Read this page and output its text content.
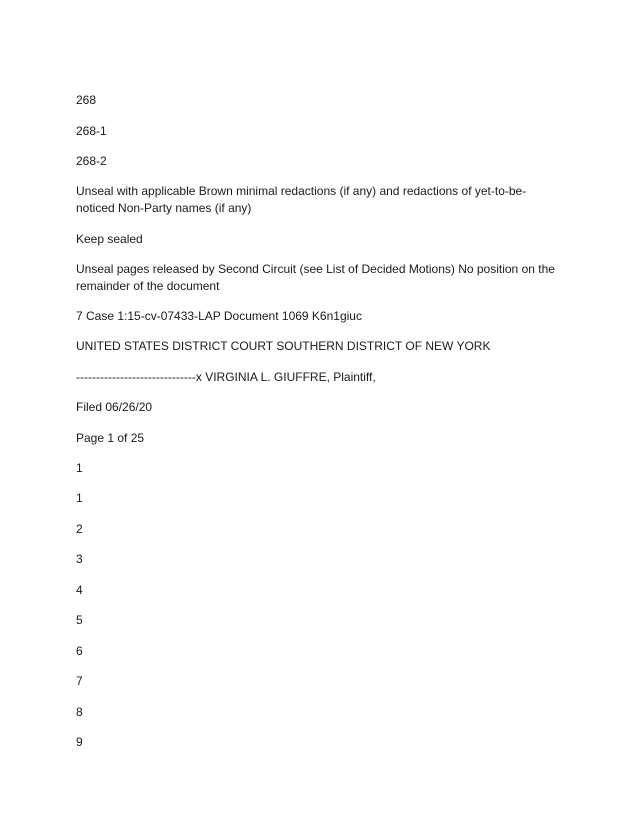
268
268-1
268-2
Unseal with applicable Brown minimal redactions (if any) and redactions of yet-to-be-noticed Non-Party names (if any)
Keep sealed
Unseal pages released by Second Circuit (see List of Decided Motions) No position on the remainder of the document
7 Case 1:15-cv-07433-LAP Document 1069 K6n1giuc
UNITED STATES DISTRICT COURT SOUTHERN DISTRICT OF NEW YORK
------------------------------x VIRGINIA L. GIUFFRE, Plaintiff,
Filed 06/26/20
Page 1 of 25
1
1
2
3
4
5
6
7
8
9
